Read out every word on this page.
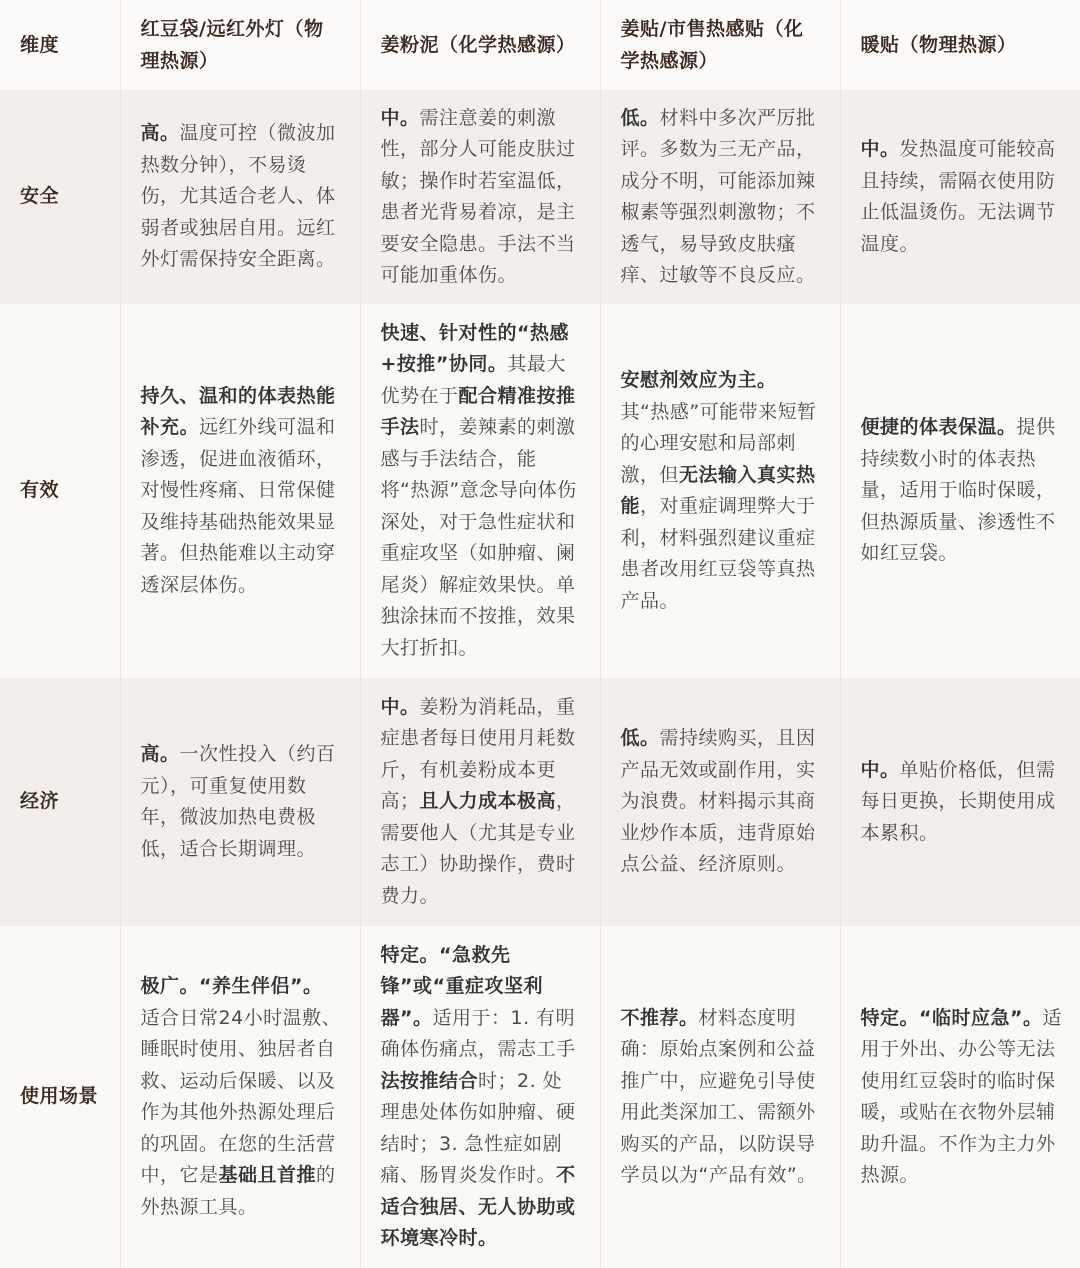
维度	红豆袋/远红外灯（物理热源）	姜粉泥（化学热感源）	姜贴/市售热感贴（化学热感源）	暖贴（物理热源）
安全	高。温度可控（微波加热数分钟），不易烫伤，尤其适合老人、体弱者或独居自用。远红外灯需保持安全距离。	中。需注意姜的刺激性，部分人可能皮肤过敏；操作时若室温低，患者光背易着凉，是主要安全隐患。手法不当可能加重体伤。	低。材料中多次严厉批评。多数为三无产品，成分不明，可能添加辣椒素等强烈刺激物；不透气，易导致皮肤瘙痒、过敏等不良反应。	中。发热温度可能较高且持续，需隔衣使用防止低温烫伤。无法调节温度。
有效	持久、温和的体表热能补充。远红外线可温和渗透，促进血液循环，对慢性疼痛、日常保健及维持基础热能效果显著。但热能难以主动穿透深层体伤。	快速、针对性的“热感+按推”协同。其最大优势在于配合精准按推手法时，姜辣素的刺激感与手法结合，能将“热源”意念导向体伤深处，对于急性症状和重症攻坚（如肿瘤、阑尾炎）解症效果快。单独涂抹而不按推，效果大打折扣。	安慰剂效应为主。其“热感”可能带来短暂的心理安慰和局部刺激，但无法输入真实热能，对重症调理弊大于利，材料强烈建议重症患者改用红豆袋等真热产品。	便捷的体表保温。提供持续数小时的体表热量，适用于临时保暖，但热源质量、渗透性不如红豆袋。
经济	高。一次性投入（约百元），可重复使用数年，微波加热电费极低，适合长期调理。	中。姜粉为消耗品，重症患者每日使用月耗数斤，有机姜粉成本更高；且人力成本极高，需要他人（尤其是专业志工）协助操作，费时费力。	低。需持续购买，且因产品无效或副作用，实为浪费。材料揭示其商业炒作本质，违背原始点公益、经济原则。	中。单贴价格低，但需每日更换，长期使用成本累积。
使用场景	极广。“养生伴侣”。适合日常24小时温敷、睡眠时使用、独居者自救、运动后保暖、以及作为其他外热源处理后的巩固。在您的生活营中，它是基础且首推的外热源工具。	特定。“急救先锋”或“重症攻坚利器”。适用于：1. 有明确体伤痛点，需志工手法按推结合时；2. 处理患处体伤如肿瘤、硬结时；3. 急性症如剧痛、肠胃炎发作时。不适合独居、无人协助或环境寒冷时。	不推荐。材料态度明确：原始点案例和公益推广中，应避免引导使用此类深加工、需额外购买的产品，以防误导学员以为“产品有效”。	特定。“临时应急”。适用于外出、办公等无法使用红豆袋时的临时保暖，或贴在衣物外层辅助升温。不作为主力外热源。
